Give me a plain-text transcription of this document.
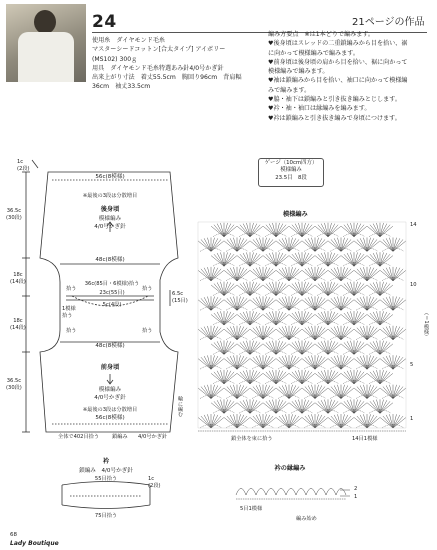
24	21ページの作品
使用糸　ダイヤモンド毛糸
マスターシードコットン[合太タイプ] アイボリー
(MS102) 300ｇ
用具　ダイヤモンド毛糸特選あみ針4/0号かぎ針
出来上がり寸法　着丈55.5cm　胸回り96cm　背肩幅
36cm　袖丈33.5cm
編み方要点　※は1本どりで編みます。
♥後身頃はスレッドの二重鎖編みから目を拾い、裾
に向かって模様編みで編みます。
♥前身頃は後身頃の肩から目を拾い、裾に向かって
模様編みで編みます。
♥袖は鎖編みから目を拾い、袖口に向かって模様編
みで編みます。
♥脇・袖下は鎖編みと引き抜き編みとじします。
♥衿・袖・袖口は縁編みを編みます。
♥衿は鎖編みと引き抜き編みで身頃につけます。
1c
(2段)
56c(8模様)
※最後の3段は分散増目
後身頃
模様編み
4/0号かぎ針
36.5c
(30段)
18c
(14段)
18c
(14段)
36.5c
(30段)
48c(8模様)
36c(85目・6模様)拾う
23c(55目)
5c(4段)
6.5c
(15目)
1模様
拾う
拾う	拾う
拾う	拾う
48c(8模様)
前身頃
模様編み
4/0号かぎ針
※最後の3段は分散増目
56c(8模様)
全体で402目拾う 鎖編み 4/0号かぎ針
輪に編む
ゲージ（10cm四方）
模様編み
23.5目　8段
模様編み
14
10
5
1
（＝1模様）
鎖全体を束に拾う	14目1模様
衿
鎖編み　4/0号かぎ針
55目拾う	1c
(2段)
75目拾う
衿の縁編み
2
1
5目1模様
編み始め
68
Lady Boutique
